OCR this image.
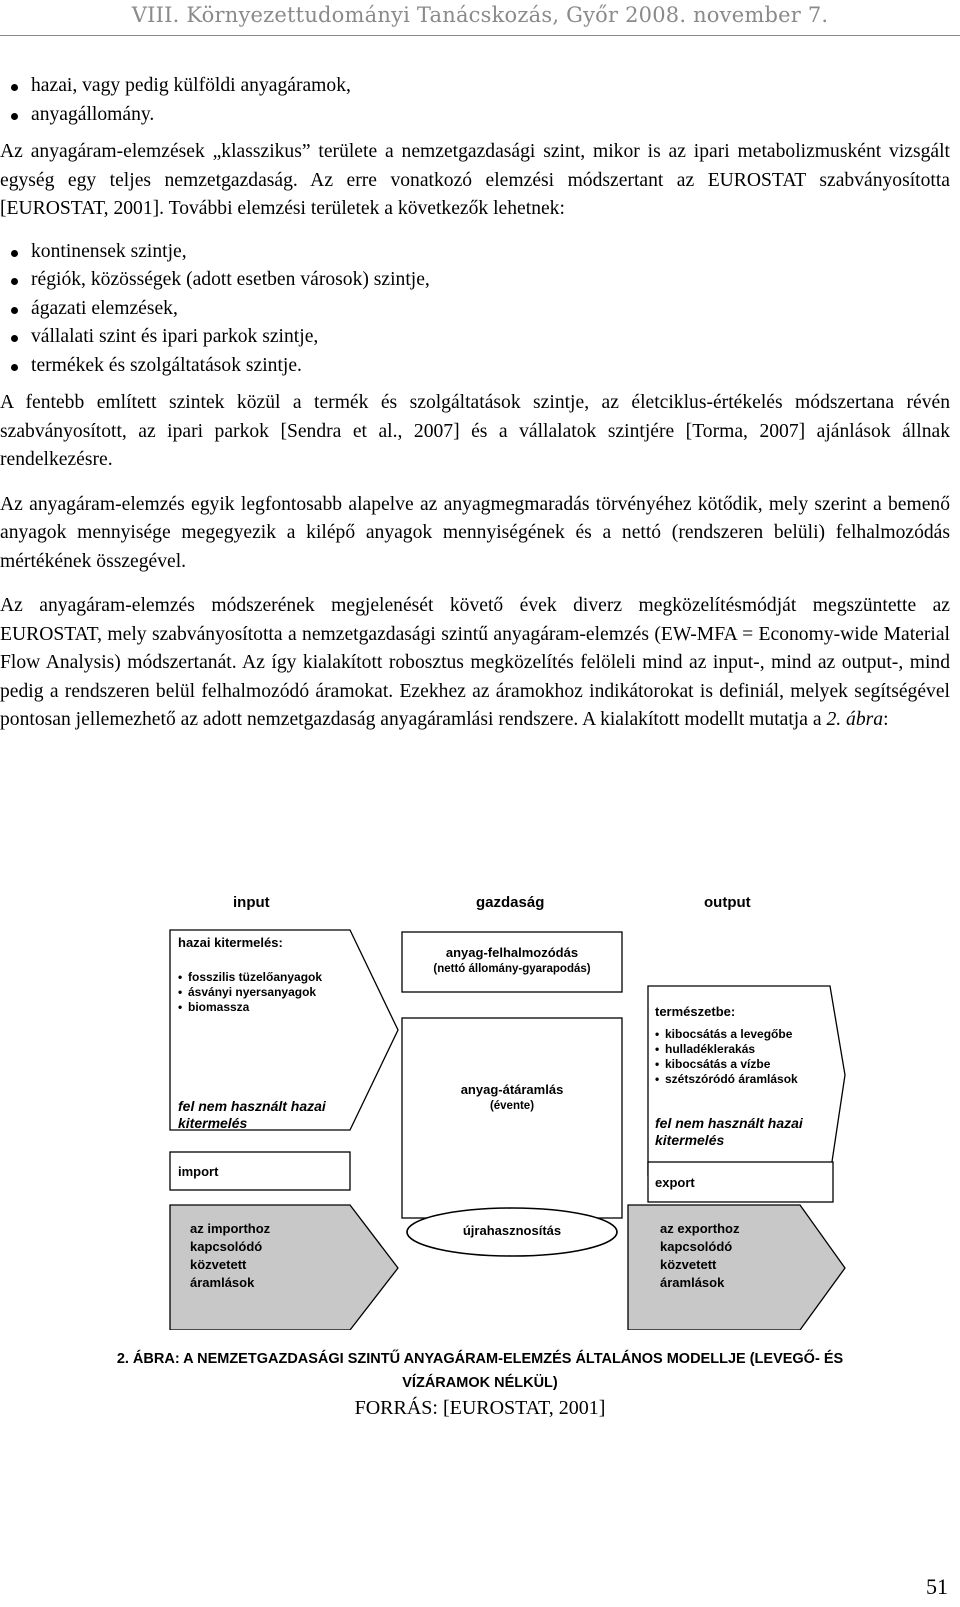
VIII. Környezettudományi Tanácskozás, Győr 2008. november 7.
hazai, vagy pedig külföldi anyagáramok,
anyagállomány.

Az anyagáram-elemzések „klasszikus” területe a nemzetgazdasági szint, mikor is az ipari metabolizmusként vizsgált egység egy teljes nemzetgazdaság. Az erre vonatkozó elemzési módszertant az EUROSTAT szabványosította [EUROSTAT, 2001]. További elemzési területek a következők lehetnek:

kontinensek szintje,
régiók, közösségek (adott esetben városok) szintje,
ágazati elemzések,
vállalati szint és ipari parkok szintje,
termékek és szolgáltatások szintje.

A fentebb említett szintek közül a termék és szolgáltatások szintje, az életciklus-értékelés módszertana révén szabványosított, az ipari parkok [Sendra et al., 2007] és a vállalatok szintjére [Torma, 2007] ajánlások állnak rendelkezésre.

Az anyagáram-elemzés egyik legfontosabb alapelve az anyagmegmaradás törvényéhez kötődik, mely szerint a bemenő anyagok mennyisége megegyezik a kilépő anyagok mennyiségének és a nettó (rendszeren belüli) felhalmozódás mértékének összegével.

Az anyagáram-elemzés módszerének megjelenését követő évek diverz megközelítésmódját megszüntette az EUROSTAT, mely szabványosította a nemzetgazdasági szintű anyagáram-elemzés (EW-MFA = Economy-wide Material Flow Analysis) módszertanát. Az így kialakított robosztus megközelítés felöleli mind az input-, mind az output-, mind pedig a rendszeren belül felhalmozódó áramokat. Ezekhez az áramokhoz indikátorokat is definiál, melyek segítségével pontosan jellemezhető az adott nemzetgazdaság anyagáramlási rendszere. A kialakított modellt mutatja a 2. ábra:

input	gazdaság	output
hazai kitermelés:
• fosszilis tüzelőanyagok
• ásványi nyersanyagok
• biomassza
fel nem használt hazai kitermelés
import
az importhoz kapcsolódó közvetett áramlások
anyag-felhalmozódás
(nettó állomány-gyarapodás)
anyag-átáramlás
(évente)
újrahasznosítás
természetbe:
• kibocsátás a levegőbe
• hulladéklerakás
• kibocsátás a vízbe
• szétszóródó áramlások
fel nem használt hazai kitermelés
export
az exporthoz kapcsolódó közvetett áramlások
2. ÁBRA: A NEMZETGAZDASÁGI SZINTŰ ANYAGÁRAM-ELEMZÉS ÁLTALÁNOS MODELLJE (LEVEGŐ- ÉS
VÍZÁRAMOK NÉLKÜL)
FORRÁS: [EUROSTAT, 2001]
51
